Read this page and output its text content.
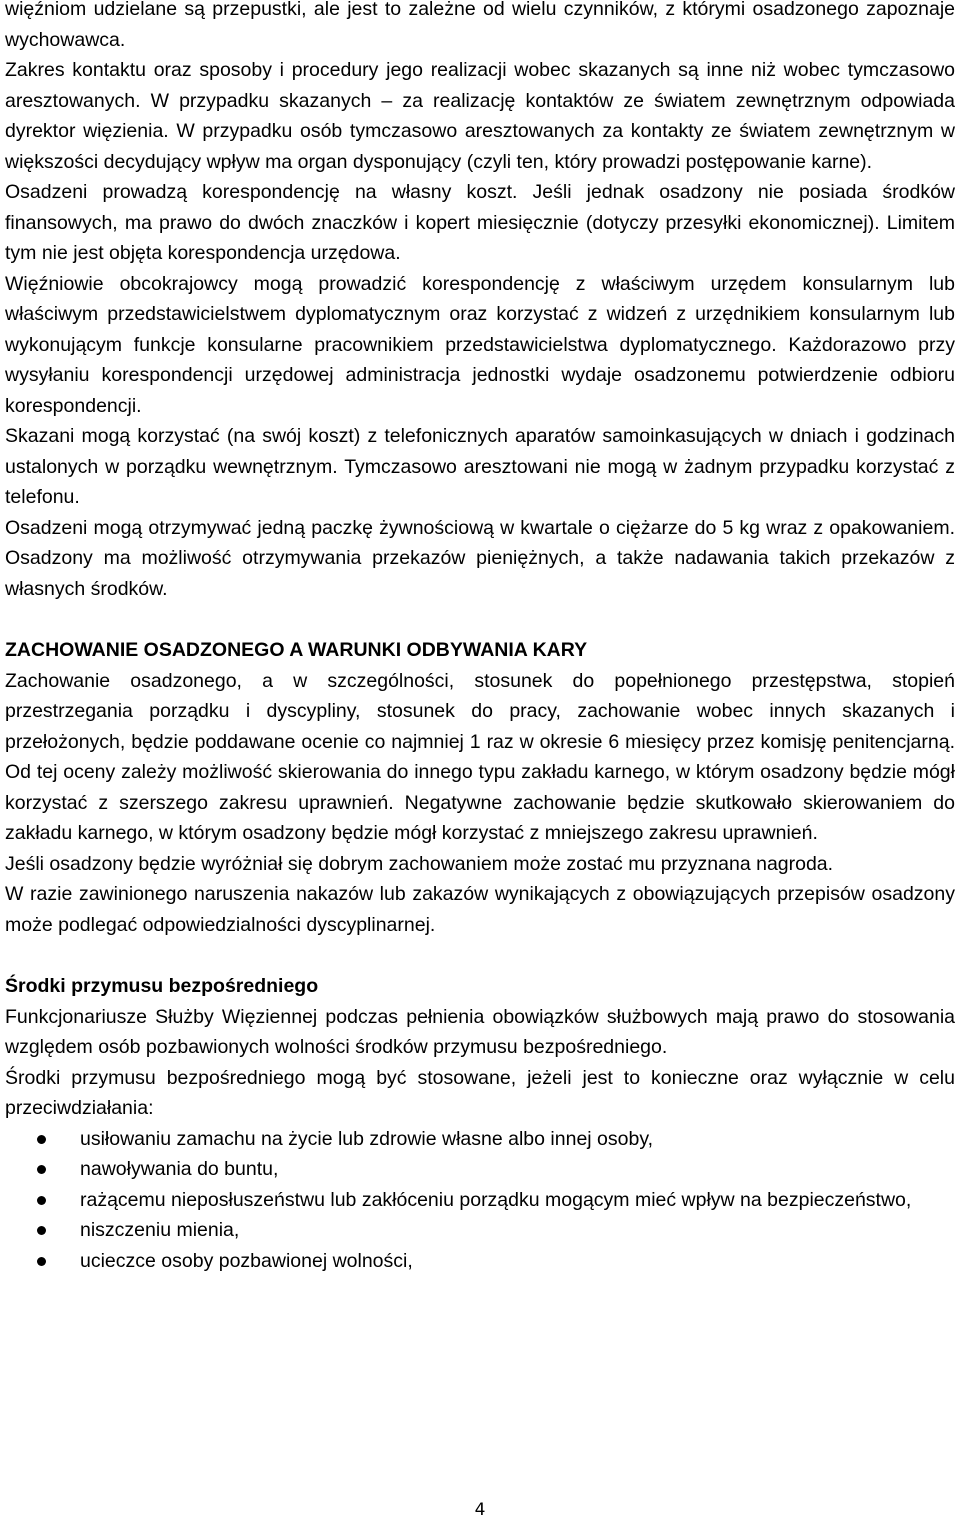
więźniom udzielane są przepustki, ale jest to zależne od wielu czynników, z którymi osadzonego zapoznaje wychowawca.

Zakres kontaktu oraz sposoby i procedury jego realizacji wobec skazanych są inne niż wobec tymczasowo aresztowanych. W przypadku skazanych – za realizację kontaktów ze światem zewnętrznym odpowiada dyrektor więzienia. W przypadku osób tymczasowo aresztowanych za kontakty ze światem zewnętrznym w większości decydujący wpływ ma organ dysponujący (czyli ten, który prowadzi postępowanie karne).

Osadzeni prowadzą korespondencję na własny koszt. Jeśli jednak osadzony nie posiada środków finansowych, ma prawo do dwóch znaczków i kopert miesięcznie (dotyczy przesyłki ekonomicznej). Limitem tym nie jest objęta korespondencja urzędowa.

Więźniowie obcokrajowcy mogą prowadzić korespondencję z właściwym urzędem konsularnym lub właściwym przedstawicielstwem dyplomatycznym oraz korzystać z widzeń z urzędnikiem konsularnym lub wykonującym funkcje konsularne pracownikiem przedstawicielstwa dyplomatycznego. Każdorazowo przy wysyłaniu korespondencji urzędowej administracja jednostki wydaje osadzonemu potwierdzenie odbioru korespondencji.

Skazani mogą korzystać (na swój koszt) z telefonicznych aparatów samoinkasujących w dniach i godzinach ustalonych w porządku wewnętrznym. Tymczasowo aresztowani nie mogą w żadnym przypadku korzystać z telefonu.

Osadzeni mogą otrzymywać jedną paczkę żywnościową w kwartale o ciężarze do 5 kg wraz z opakowaniem. Osadzony ma możliwość otrzymywania przekazów pieniężnych, a także nadawania takich przekazów z własnych środków.

ZACHOWANIE OSADZONEGO A WARUNKI ODBYWANIA KARY

Zachowanie osadzonego, a w szczególności, stosunek do popełnionego przestępstwa, stopień przestrzegania porządku i dyscypliny, stosunek do pracy, zachowanie wobec innych skazanych i przełożonych, będzie poddawane ocenie co najmniej 1 raz w okresie 6 miesięcy przez komisję penitencjarną. Od tej oceny zależy możliwość skierowania do innego typu zakładu karnego, w którym osadzony będzie mógł korzystać z szerszego zakresu uprawnień. Negatywne zachowanie będzie skutkowało skierowaniem do zakładu karnego, w którym osadzony będzie mógł korzystać z mniejszego zakresu uprawnień.

Jeśli osadzony będzie wyróżniał się dobrym zachowaniem może zostać mu przyznana nagroda.

W razie zawinionego naruszenia nakazów lub zakazów wynikających z obowiązujących przepisów osadzony może podlegać odpowiedzialności dyscyplinarnej.

Środki przymusu bezpośredniego

Funkcjonariusze Służby Więziennej podczas pełnienia obowiązków służbowych mają prawo do stosowania względem osób pozbawionych wolności środków przymusu bezpośredniego.

Środki przymusu bezpośredniego mogą być stosowane, jeżeli jest to konieczne oraz wyłącznie w celu przeciwdziałania:

usiłowaniu zamachu na życie lub zdrowie własne albo innej osoby,
nawoływania do buntu,
rażącemu nieposłuszeństwu lub zakłóceniu porządku mogącym mieć wpływ na bezpieczeństwo,
niszczeniu mienia,
ucieczce osoby pozbawionej wolności,
4
